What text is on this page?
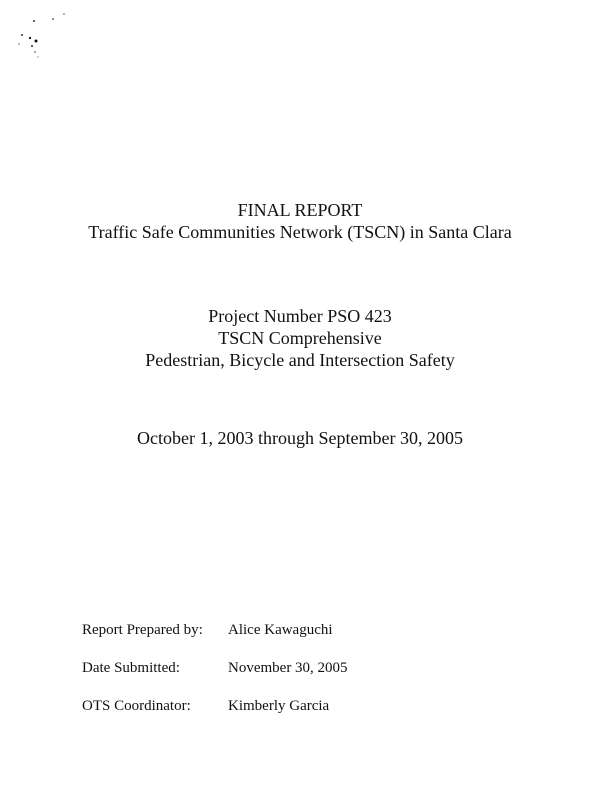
FINAL REPORT
Traffic Safe Communities Network (TSCN) in Santa Clara
Project Number PSO 423
TSCN Comprehensive
Pedestrian, Bicycle and Intersection Safety
October 1, 2003 through September 30, 2005
Report Prepared by:	Alice Kawaguchi
Date Submitted:	November 30, 2005
OTS Coordinator:	Kimberly Garcia
